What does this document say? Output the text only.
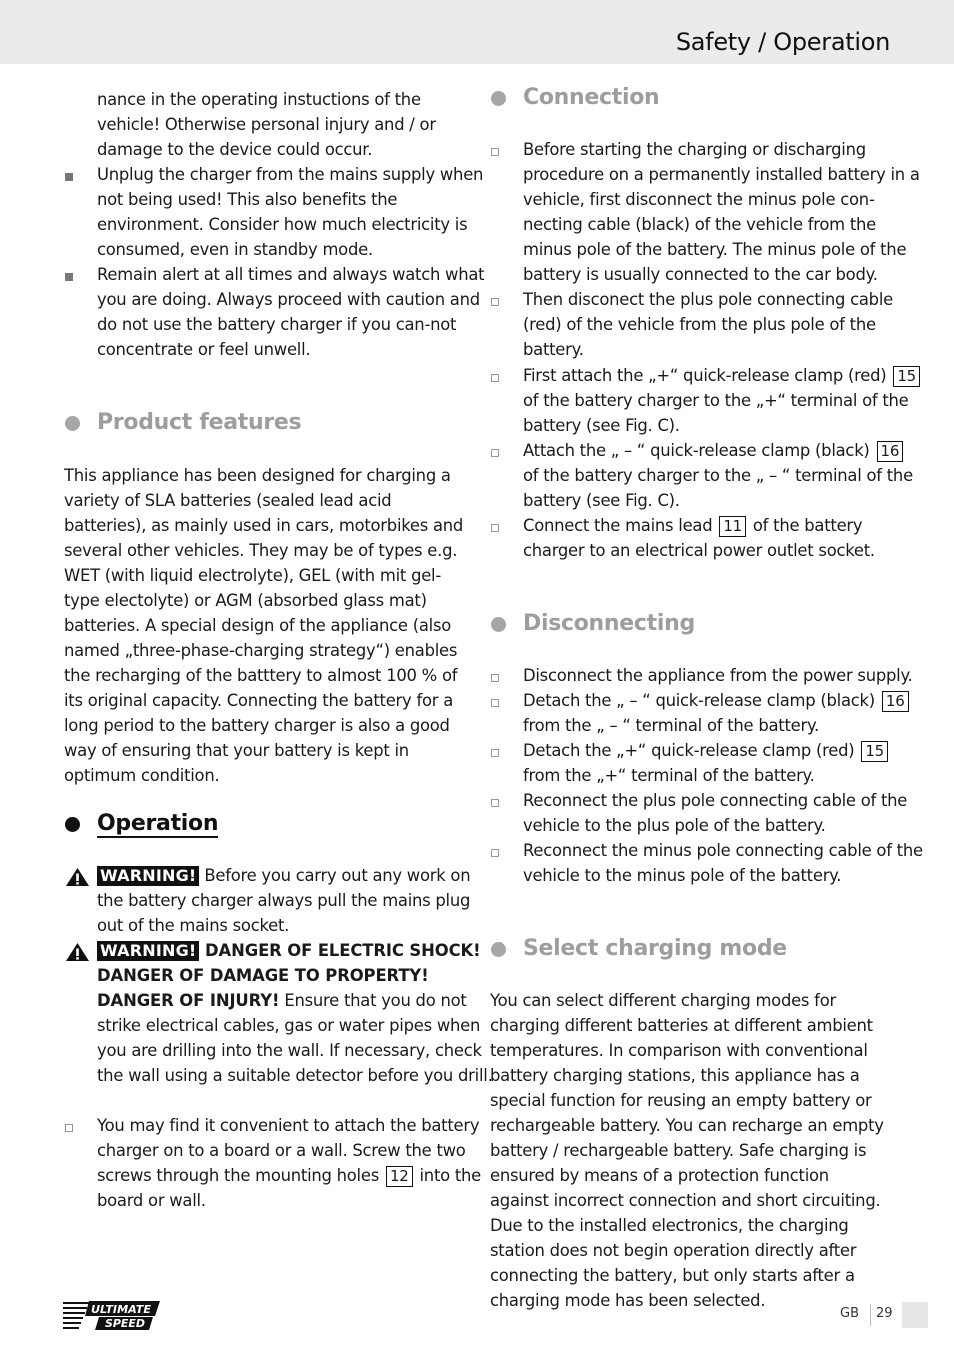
Safety / Operation

nance in the operating instuctions of the vehicle! Otherwise personal injury and / or damage to the device could occur.

Unplug the charger from the mains supply when not being used! This also benefits the environment. Consider how much electricity is consumed, even in standby mode.
Remain alert at all times and always watch what you are doing. Always proceed with caution and do not use the battery charger if you can-not concentrate or feel unwell.
Product features

This appliance has been designed for charging a variety of SLA batteries (sealed lead acid batteries), as mainly used in cars, motorbikes and several other vehicles. They may be of types e.g. WET (with liquid electrolyte), GEL (with mit gel-type electolyte) or AGM (absorbed glass mat) batteries. A special design of the appliance (also named „three-phase-charging strategy“) enables the recharging of the batttery to almost 100 % of its original capacity. Connecting the battery for a long period to the battery charger is also a good way of ensuring that your battery is kept in optimum condition.

Operation
WARNING! Before you carry out any work on the battery charger always pull the mains plug out of the mains socket.
WARNING! DANGER OF ELECTRIC SHOCK! DANGER OF DAMAGE TO PROPERTY! DANGER OF INJURY! Ensure that you do not strike electrical cables, gas or water pipes when you are drilling into the wall. If necessary, check the wall using a suitable detector before you drill.
You may find it convenient to attach the battery charger on to a board or a wall. Screw the two screws through the mounting holes 12 into the board or wall.
Connection
Before starting the charging or discharging procedure on a permanently installed battery in a vehicle, first disconnect the minus pole con-necting cable (black) of the vehicle from the minus pole of the battery. The minus pole of the battery is usually connected to the car body.
Then disconect the plus pole connecting cable (red) of the vehicle from the plus pole of the battery.
First attach the „+“ quick-release clamp (red) 15 of the battery charger to the „+“ terminal of the battery (see Fig. C).
Attach the „ – “ quick-release clamp (black) 16 of the battery charger to the „ – “ terminal of the battery (see Fig. C).
Connect the mains lead 11 of the battery charger to an electrical power outlet socket.
Disconnecting
Disconnect the appliance from the power supply.
Detach the „ – “ quick-release clamp (black) 16 from the „ – “ terminal of the battery.
Detach the „+“ quick-release clamp (red) 15 from the „+“ terminal of the battery.
Reconnect the plus pole connecting cable of the vehicle to the plus pole of the battery.
Reconnect the minus pole connecting cable of the vehicle to the minus pole of the battery.
Select charging mode

You can select different charging modes for charging different batteries at different ambient temperatures. In comparison with conventional battery charging stations, this appliance has a special function for reusing an empty battery or rechargeable battery. You can recharge an empty battery / rechargeable battery. Safe charging is ensured by means of a protection function against incorrect connection and short circuiting. Due to the installed electronics, the charging station does not begin operation directly after connecting the battery, but only starts after a charging mode has been selected.

ULTIMATE
SPEED
GB 29
